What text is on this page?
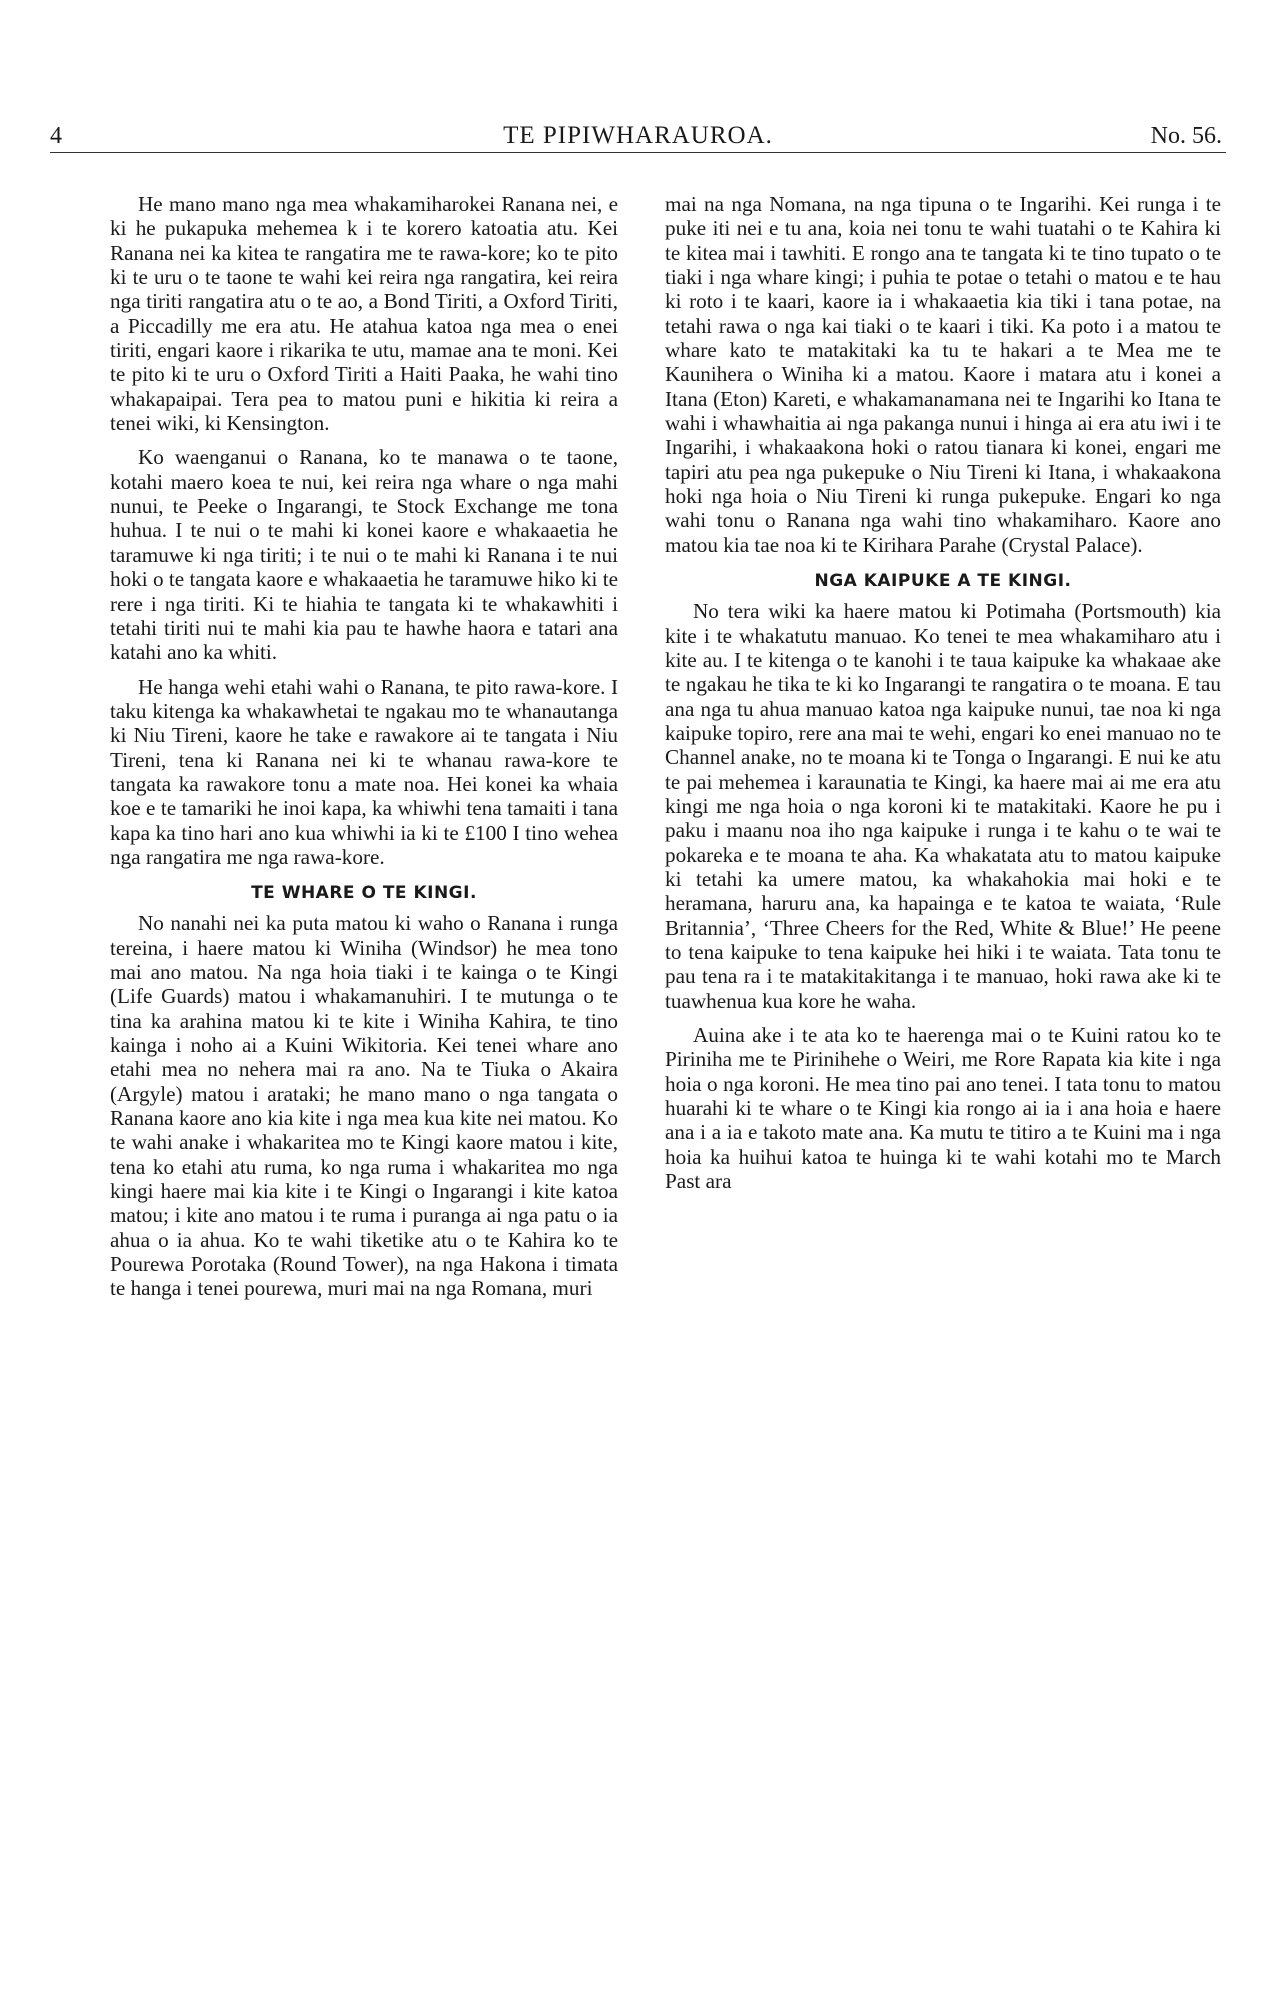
4	TE PIPIWHARAUROA.	No. 56.

He mano mano nga mea whakamiharokei Ranana nei, e ki he pukapuka mehemea k i te korero katoatia atu. Kei Ranana nei ka kitea te rangatira me te rawa-kore; ko te pito ki te uru o te taone te wahi kei reira nga rangatira, kei reira nga tiriti rangatira atu o te ao, a Bond Tiriti, a Oxford Tiriti, a Piccadilly me era atu. He atahua katoa nga mea o enei tiriti, engari kaore i rikarika te utu, mamae ana te moni. Kei te pito ki te uru o Oxford Tiriti a Haiti Paaka, he wahi tino whakapaipai. Tera pea to matou puni e hikitia ki reira a tenei wiki, ki Kensington.

Ko waenganui o Ranana, ko te manawa o te taone, kotahi maero koea te nui, kei reira nga whare o nga mahi nunui, te Peeke o Ingarangi, te Stock Exchange me tona huhua. I te nui o te mahi ki konei kaore e whakaaetia he taramuwe ki nga tiriti; i te nui o te mahi ki Ranana i te nui hoki o te tangata kaore e whakaaetia he taramuwe hiko ki te rere i nga tiriti. Ki te hiahia te tangata ki te whakawhiti i tetahi tiriti nui te mahi kia pau te hawhe haora e tatari ana katahi ano ka whiti.

He hanga wehi etahi wahi o Ranana, te pito rawa-kore. I taku kitenga ka whakawhetai te ngakau mo te whanautanga ki Niu Tireni, kaore he take e rawakore ai te tangata i Niu Tireni, tena ki Ranana nei ki te whanau rawa-kore te tangata ka rawakore tonu a mate noa. Hei konei ka whaia koe e te tamariki he inoi kapa, ka whiwhi tena tamaiti i tana kapa ka tino hari ano kua whiwhi ia ki te £100 I tino wehea nga rangatira me nga rawa-kore.

TE WHARE O TE KINGI.

No nanahi nei ka puta matou ki waho o Ranana i runga tereina, i haere matou ki Winiha (Windsor) he mea tono mai ano matou. Na nga hoia tiaki i te kainga o te Kingi (Life Guards) matou i whakamanuhiri. I te mutunga o te tina ka arahina matou ki te kite i Winiha Kahira, te tino kainga i noho ai a Kuini Wikitoria. Kei tenei whare ano etahi mea no nehera mai ra ano. Na te Tiuka o Akaira (Argyle) matou i arataki; he mano mano o nga tangata o Ranana kaore ano kia kite i nga mea kua kite nei matou. Ko te wahi anake i whakaritea mo te Kingi kaore matou i kite, tena ko etahi atu ruma, ko nga ruma i whakaritea mo nga kingi haere mai kia kite i te Kingi o Ingarangi i kite katoa matou; i kite ano matou i te ruma i puranga ai nga patu o ia ahua o ia ahua. Ko te wahi tiketike atu o te Kahira ko te Pourewa Porotaka (Round Tower), na nga Hakona i timata te hanga i tenei pourewa, muri mai na nga Romana, muri

mai na nga Nomana, na nga tipuna o te Ingarihi. Kei runga i te puke iti nei e tu ana, koia nei tonu te wahi tuatahi o te Kahira ki te kitea mai i tawhiti. E rongo ana te tangata ki te tino tupato o te tiaki i nga whare kingi; i puhia te potae o tetahi o matou e te hau ki roto i te kaari, kaore ia i whakaaetia kia tiki i tana potae, na tetahi rawa o nga kai tiaki o te kaari i tiki. Ka poto i a matou te whare kato te matakitaki ka tu te hakari a te Mea me te Kaunihera o Winiha ki a matou. Kaore i matara atu i konei a Itana (Eton) Kareti, e whakamanamana nei te Ingarihi ko Itana te wahi i whawhaitia ai nga pakanga nunui i hinga ai era atu iwi i te Ingarihi, i whakaakona hoki o ratou tianara ki konei, engari me tapiri atu pea nga pukepuke o Niu Tireni ki Itana, i whakaakona hoki nga hoia o Niu Tireni ki runga pukepuke. Engari ko nga wahi tonu o Ranana nga wahi tino whakamiharo. Kaore ano matou kia tae noa ki te Kirihara Parahe (Crystal Palace).

NGA KAIPUKE A TE KINGI.

No tera wiki ka haere matou ki Potimaha (Portsmouth) kia kite i te whakatutu manuao. Ko tenei te mea whakamiharo atu i kite au. I te kitenga o te kanohi i te taua kaipuke ka whakaae ake te ngakau he tika te ki ko Ingarangi te rangatira o te moana. E tau ana nga tu ahua manuao katoa nga kaipuke nunui, tae noa ki nga kaipuke topiro, rere ana mai te wehi, engari ko enei manuao no te Channel anake, no te moana ki te Tonga o Ingarangi. E nui ke atu te pai mehemea i karaunatia te Kingi, ka haere mai ai me era atu kingi me nga hoia o nga koroni ki te matakitaki. Kaore he pu i paku i maanu noa iho nga kaipuke i runga i te kahu o te wai te pokareka e te moana te aha. Ka whakatata atu to matou kaipuke ki tetahi ka umere matou, ka whakahokia mai hoki e te heramana, haruru ana, ka hapainga e te katoa te waiata, ‘Rule Britannia’, ‘Three Cheers for the Red, White & Blue!’ He peene to tena kaipuke to tena kaipuke hei hiki i te waiata. Tata tonu te pau tena ra i te matakitakitanga i te manuao, hoki rawa ake ki te tuawhenua kua kore he waha.

Auina ake i te ata ko te haerenga mai o te Kuini ratou ko te Piriniha me te Pirinihehe o Weiri, me Rore Rapata kia kite i nga hoia o nga koroni. He mea tino pai ano tenei. I tata tonu to matou huarahi ki te whare o te Kingi kia rongo ai ia i ana hoia e haere ana i a ia e takoto mate ana. Ka mutu te titiro a te Kuini ma i nga hoia ka huihui katoa te huinga ki te wahi kotahi mo te March Past ara
